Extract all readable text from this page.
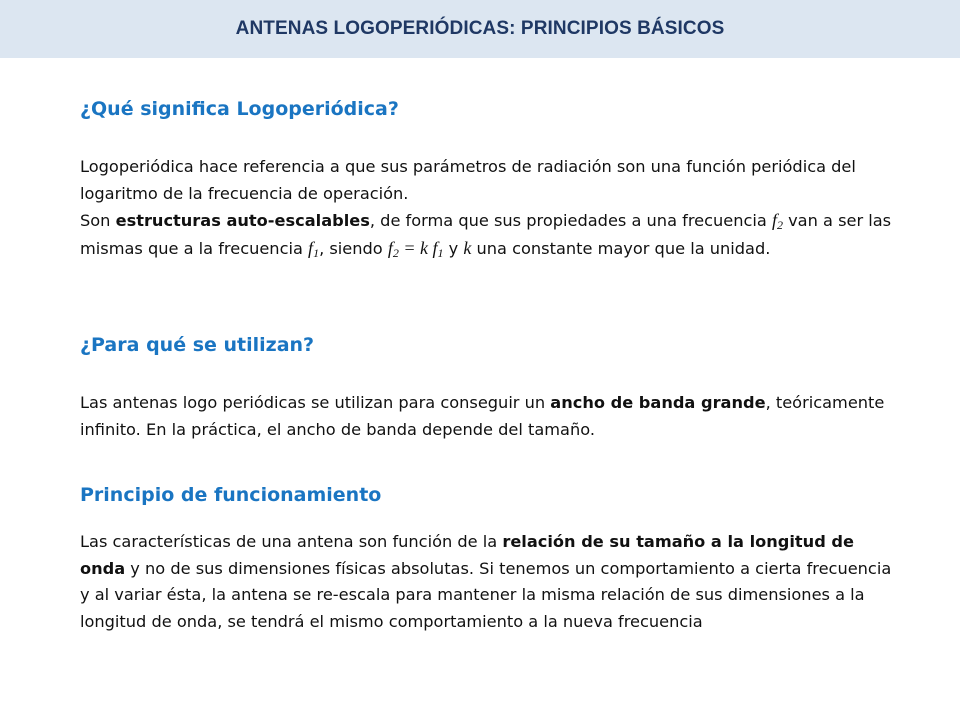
ANTENAS LOGOPERIÓDICAS: PRINCIPIOS BÁSICOS
¿Qué significa Logoperiódica?
Logoperiódica hace referencia a que sus parámetros de radiación son una función periódica del logaritmo de la frecuencia de operación.
Son estructuras auto-escalables, de forma que sus propiedades a una frecuencia $f_2$ van a ser las mismas que a la frecuencia $f_1$, siendo $f_2 = k$ $f_1$ y k una constante mayor que la unidad.
¿Para qué se utilizan?
Las antenas logo periódicas se utilizan para conseguir un ancho de banda grande, teóricamente infinito. En la práctica, el ancho de banda depende del tamaño.
Principio de funcionamiento
Las características de una antena son función de la relación de su tamaño a la longitud de onda y no de sus dimensiones físicas absolutas. Si tenemos un comportamiento a cierta frecuencia y al variar ésta, la antena se re-escala para mantener la misma relación de sus dimensiones a la longitud de onda, se tendrá el mismo comportamiento a la nueva frecuencia
